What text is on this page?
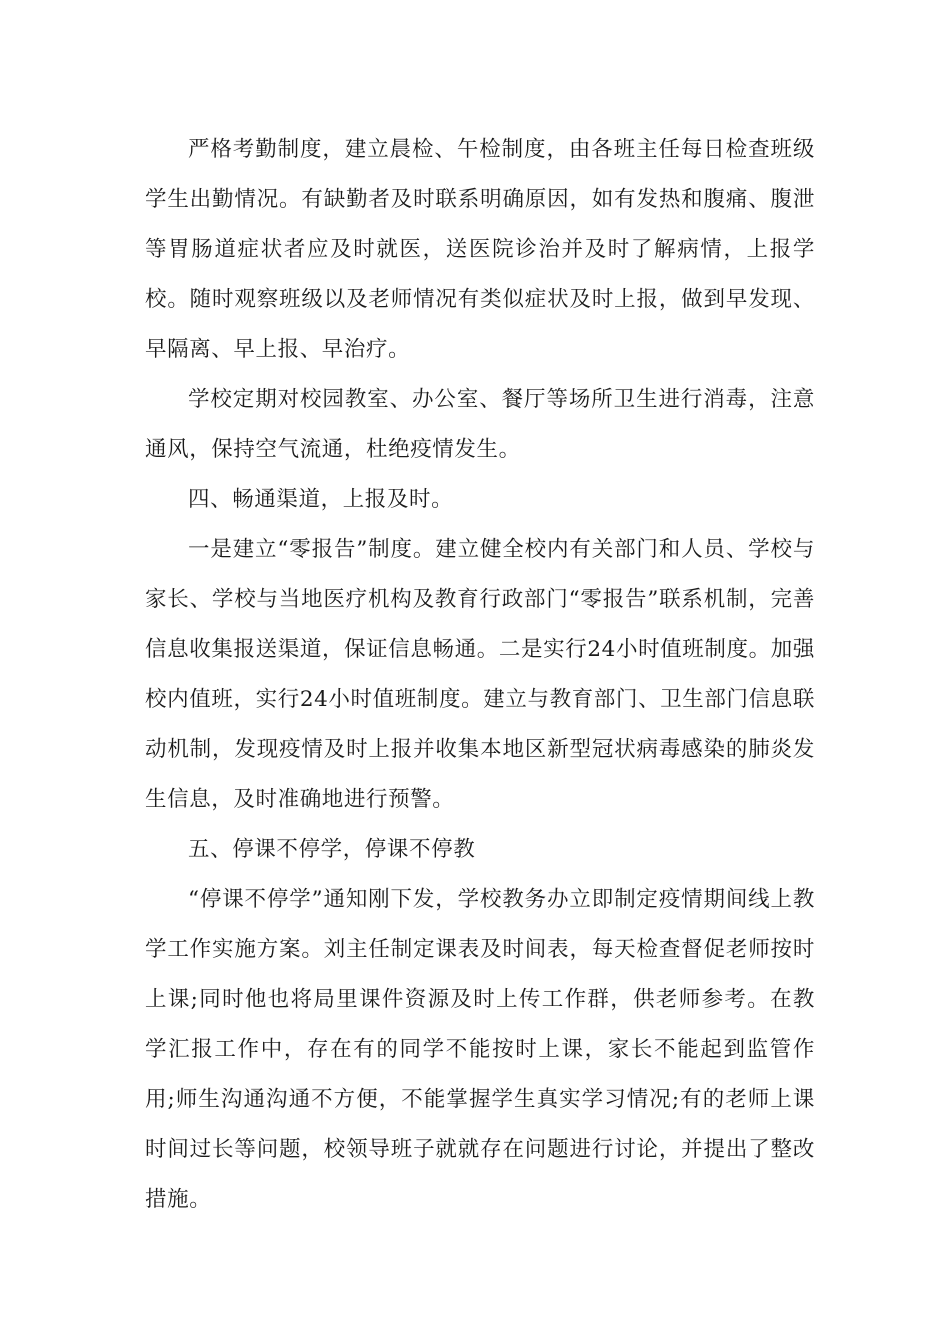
严格考勤制度，建立晨检、午检制度，由各班主任每日检查班级学生出勤情况。有缺勤者及时联系明确原因，如有发热和腹痛、腹泄等胃肠道症状者应及时就医，送医院诊治并及时了解病情，上报学校。随时观察班级以及老师情况有类似症状及时上报，做到早发现、早隔离、早上报、早治疗。

学校定期对校园教室、办公室、餐厅等场所卫生进行消毒，注意通风，保持空气流通，杜绝疫情发生。

四、畅通渠道，上报及时。

一是建立“零报告”制度。建立健全校内有关部门和人员、学校与家长、学校与当地医疗机构及教育行政部门“零报告”联系机制，完善信息收集报送渠道，保证信息畅通。二是实行24小时值班制度。加强校内值班，实行24小时值班制度。建立与教育部门、卫生部门信息联动机制，发现疫情及时上报并收集本地区新型冠状病毒感染的肺炎发生信息，及时准确地进行预警。

五、停课不停学，停课不停教

“停课不停学”通知刚下发，学校教务办立即制定疫情期间线上教学工作实施方案。刘主任制定课表及时间表，每天检查督促老师按时上课;同时他也将局里课件资源及时上传工作群，供老师参考。在教学汇报工作中，存在有的同学不能按时上课，家长不能起到监管作用;师生沟通沟通不方便，不能掌握学生真实学习情况;有的老师上课时间过长等问题，校领导班子就就存在问题进行讨论，并提出了整改措施。
